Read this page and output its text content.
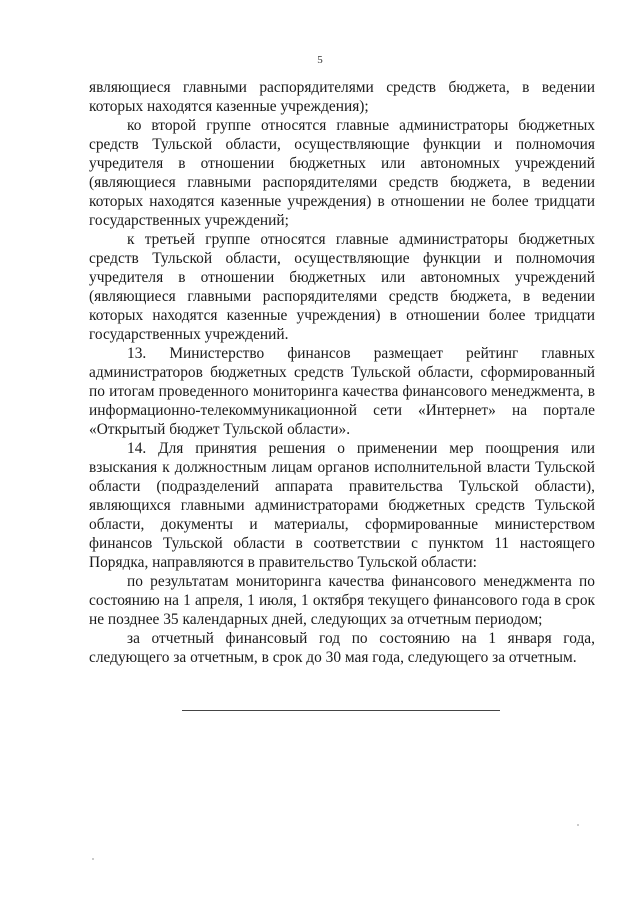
5

являющиеся главными распорядителями средств бюджета, в ведении которых находятся казенные учреждения);

ко второй группе относятся главные администраторы бюджетных средств Тульской области, осуществляющие функции и полномочия учредителя в отношении бюджетных или автономных учреждений (являющиеся главными распорядителями средств бюджета, в ведении которых находятся казенные учреждения) в отношении не более тридцати государственных учреждений;

к третьей группе относятся главные администраторы бюджетных средств Тульской области, осуществляющие функции и полномочия учредителя в отношении бюджетных или автономных учреждений (являющиеся главными распорядителями средств бюджета, в ведении которых находятся казенные учреждения) в отношении более тридцати государственных учреждений.

13. Министерство финансов размещает рейтинг главных администраторов бюджетных средств Тульской области, сформированный по итогам проведенного мониторинга качества финансового менеджмента, в информационно-телекоммуникационной сети «Интернет» на портале «Открытый бюджет Тульской области».

14. Для принятия решения о применении мер поощрения или взыскания к должностным лицам органов исполнительной власти Тульской области (подразделений аппарата правительства Тульской области), являющихся главными администраторами бюджетных средств Тульской области, документы и материалы, сформированные министерством финансов Тульской области в соответствии с пунктом 11 настоящего Порядка, направляются в правительство Тульской области:

по результатам мониторинга качества финансового менеджмента по состоянию на 1 апреля, 1 июля, 1 октября текущего финансового года в срок не позднее 35 календарных дней, следующих за отчетным периодом;

за отчетный финансовый год по состоянию на 1 января года, следующего за отчетным, в срок до 30 мая года, следующего за отчетным.
